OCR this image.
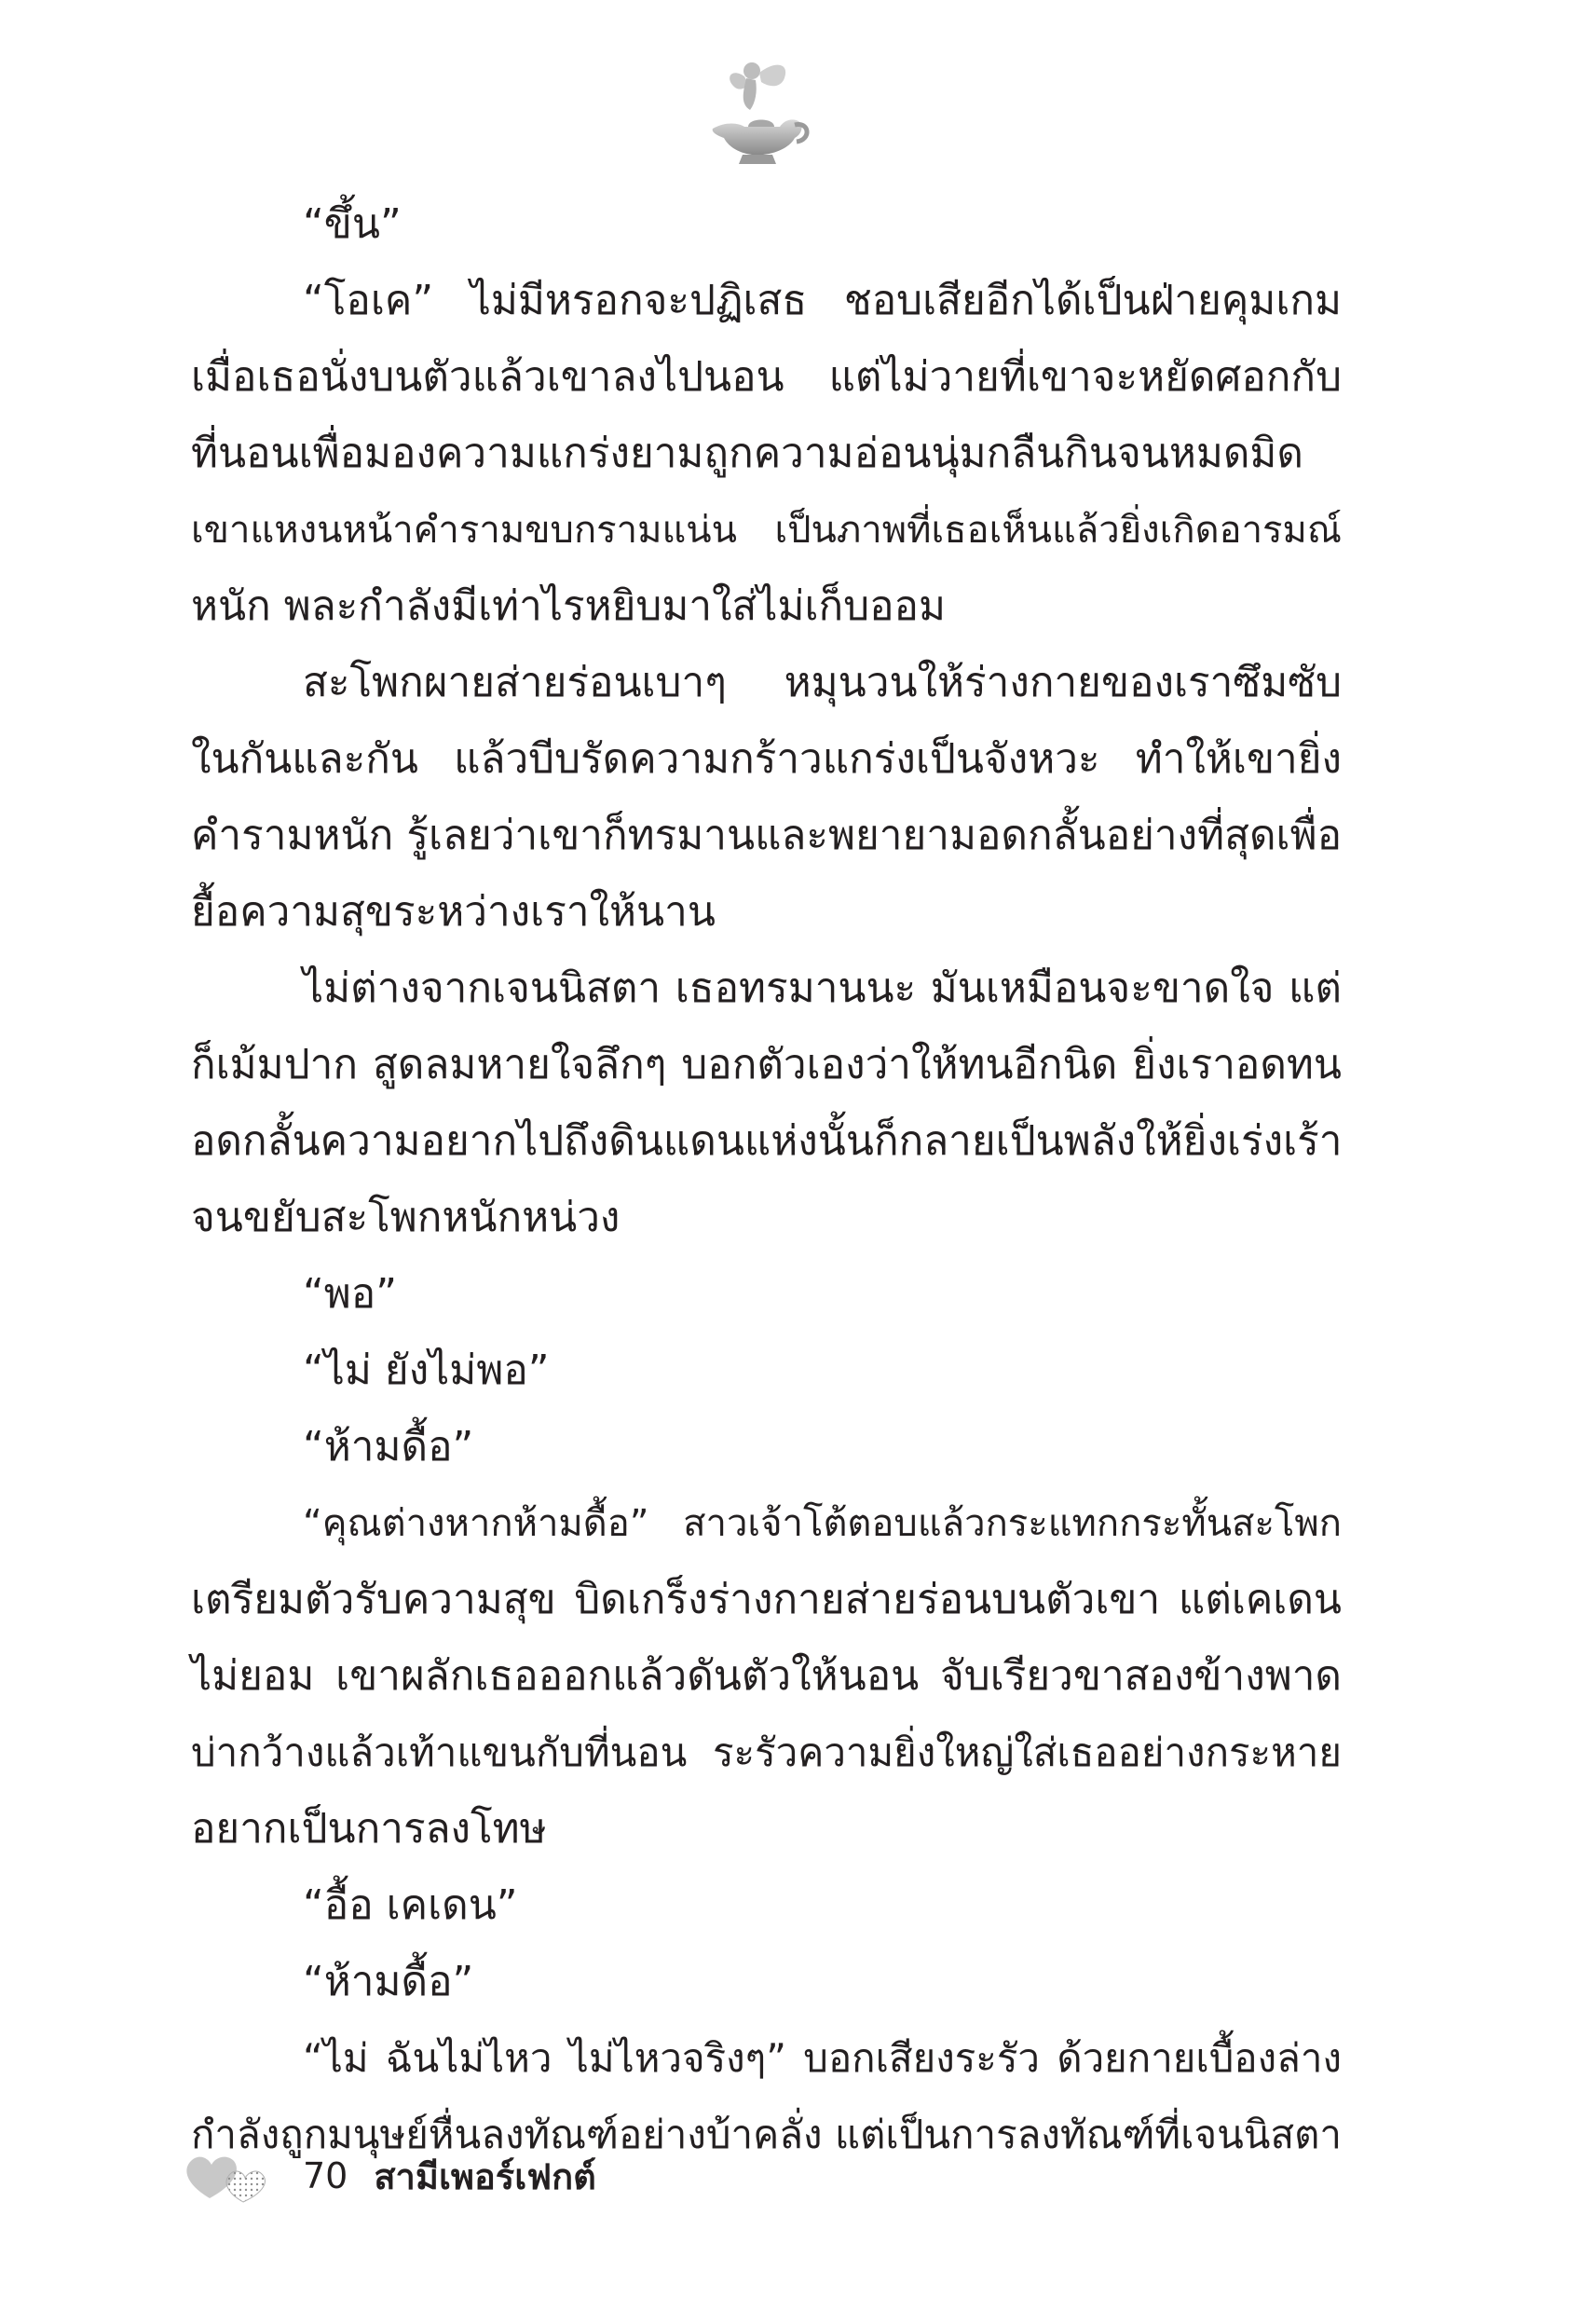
“ขึ้น”
“โอเค” ไม่มีหรอกจะปฏิเสธ ชอบเสียอีกได้เป็นฝ่ายคุมเกม
เมื่อเธอนั่งบนตัวแล้วเขาลงไปนอน แต่ไม่วายที่เขาจะหยัดศอกกับ
ที่นอนเพื่อมองความแกร่งยามถูกความอ่อนนุ่มกลืนกินจนหมดมิด
เขาแหงนหน้าคำรามขบกรามแน่น เป็นภาพที่เธอเห็นแล้วยิ่งเกิดอารมณ์
หนัก พละกำลังมีเท่าไรหยิบมาใส่ไม่เก็บออม
สะโพกผายส่ายร่อนเบาๆ หมุนวนให้ร่างกายของเราซึมซับ
ในกันและกัน แล้วบีบรัดความกร้าวแกร่งเป็นจังหวะ ทำให้เขายิ่ง
คำรามหนัก รู้เลยว่าเขาก็ทรมานและพยายามอดกลั้นอย่างที่สุดเพื่อ
ยื้อความสุขระหว่างเราให้นาน
ไม่ต่างจากเจนนิสตา เธอทรมานนะ มันเหมือนจะขาดใจ แต่
ก็เม้มปาก สูดลมหายใจลึกๆ บอกตัวเองว่าให้ทนอีกนิด ยิ่งเราอดทน
อดกลั้นความอยากไปถึงดินแดนแห่งนั้นก็กลายเป็นพลังให้ยิ่งเร่งเร้า
จนขยับสะโพกหนักหน่วง
“พอ”
“ไม่ ยังไม่พอ”
“ห้ามดื้อ”
“คุณต่างหากห้ามดื้อ” สาวเจ้าโต้ตอบแล้วกระแทกกระทั้นสะโพก
เตรียมตัวรับความสุข บิดเกร็งร่างกายส่ายร่อนบนตัวเขา แต่เคเดน
ไม่ยอม เขาผลักเธอออกแล้วดันตัวให้นอน จับเรียวขาสองข้างพาด
บ่ากว้างแล้วเท้าแขนกับที่นอน ระรัวความยิ่งใหญ่ใส่เธออย่างกระหาย
อยากเป็นการลงโทษ
“อื้อ เคเดน”
“ห้ามดื้อ”
“ไม่ ฉันไม่ไหว ไม่ไหวจริงๆ” บอกเสียงระรัว ด้วยกายเบื้องล่าง
กำลังถูกมนุษย์หื่นลงทัณฑ์อย่างบ้าคลั่ง แต่เป็นการลงทัณฑ์ที่เจนนิสตา
70 สามีเพอร์เฟกต์
